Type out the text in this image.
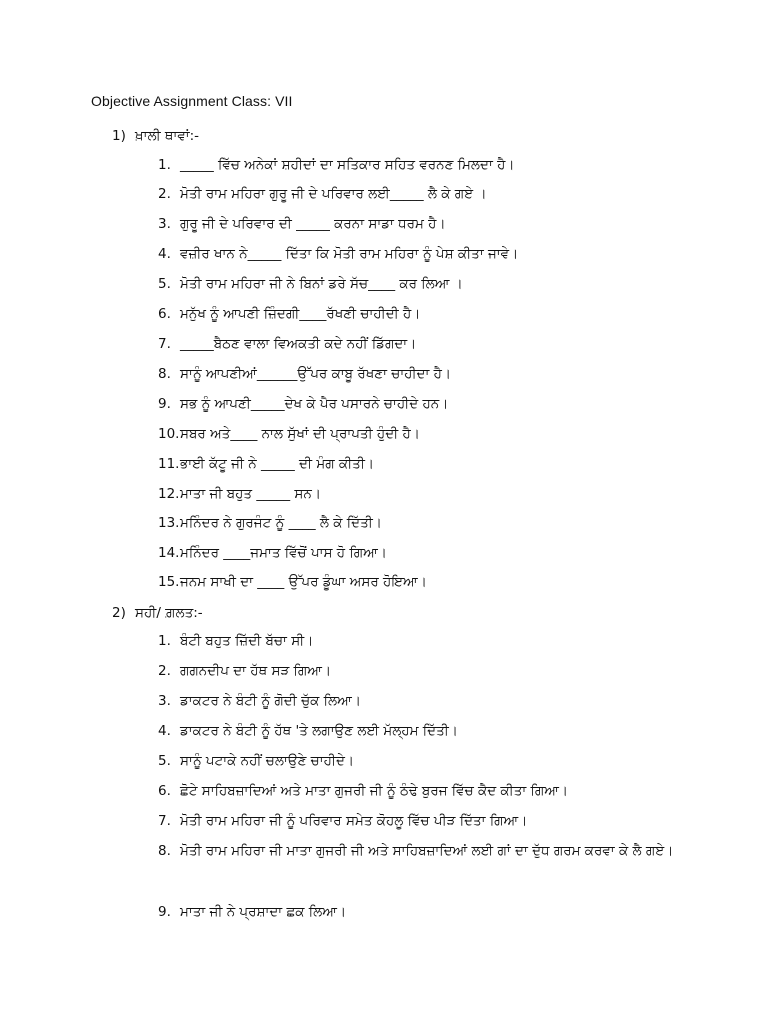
Objective Assignment Class: VII
1) ਖ਼ਾਲੀ ਥਾਵਾਂ:-
1. _____ ਵਿੱਚ ਅਨੇਕਾਂ ਸ਼ਹੀਦਾਂ ਦਾ ਸਤਿਕਾਰ ਸਹਿਤ ਵਰਨਣ ਮਿਲਦਾ ਹੈ।
2. ਮੋਤੀ ਰਾਮ ਮਹਿਰਾ ਗੁਰੂ ਜੀ ਦੇ ਪਰਿਵਾਰ ਲਈ_____ ਲੈ ਕੇ ਗਏ ।
3. ਗੁਰੂ ਜੀ ਦੇ ਪਰਿਵਾਰ ਦੀ _____ ਕਰਨਾ ਸਾਡਾ ਧਰਮ ਹੈ।
4. ਵਜ਼ੀਰ ਖਾਨ ਨੇ_____ ਦਿੱਤਾ ਕਿ ਮੋਤੀ ਰਾਮ ਮਹਿਰਾ ਨੂੰ ਪੇਸ਼ ਕੀਤਾ ਜਾਵੇ।
5. ਮੋਤੀ ਰਾਮ ਮਹਿਰਾ ਜੀ ਨੇ ਬਿਨਾਂ ਡਰੇ ਸੱਚ____ ਕਰ ਲਿਆ ।
6. ਮਨੁੱਖ ਨੂੰ ਆਪਣੀ ਜ਼ਿੰਦਗੀ____ਰੱਖਣੀ ਚਾਹੀਦੀ ਹੈ।
7. _____ਬੈਠਣ ਵਾਲਾ ਵਿਅਕਤੀ ਕਦੇ ਨਹੀਂ ਡਿੱਗਦਾ।
8. ਸਾਨੂੰ ਆਪਣੀਆਂ______ਉੱਪਰ ਕਾਬੂ ਰੱਖਣਾ ਚਾਹੀਦਾ ਹੈ।
9. ਸਭ ਨੂੰ ਆਪਣੀ_____ਦੇਖ ਕੇ ਪੈਰ ਪਸਾਰਨੇ ਚਾਹੀਦੇ ਹਨ।
10.ਸਬਰ ਅਤੇ____ ਨਾਲ ਸੁੱਖਾਂ ਦੀ ਪ੍ਰਾਪਤੀ ਹੁੰਦੀ ਹੈ।
11.ਭਾਈ ਕੱਟੂ ਜੀ ਨੇ _____ ਦੀ ਮੰਗ ਕੀਤੀ।
12.ਮਾਤਾ ਜੀ ਬਹੁਤ _____ ਸਨ।
13.ਮਨਿੰਦਰ ਨੇ ਗੁਰਜੰਟ ਨੂੰ ____ ਲੈ ਕੇ ਦਿੱਤੀ।
14.ਮਨਿੰਦਰ ____ਜਮਾਤ ਵਿੱਚੋਂ ਪਾਸ ਹੋ ਗਿਆ।
15.ਜਨਮ ਸਾਖੀ ਦਾ ____ ਉੱਪਰ ਡੂੰਘਾ ਅਸਰ ਹੋਇਆ।
2) ਸਹੀ/ ਗ਼ਲਤ:-
1. ਬੰਟੀ ਬਹੁਤ ਜ਼ਿੱਦੀ ਬੱਚਾ ਸੀ।
2. ਗਗਨਦੀਪ ਦਾ ਹੱਥ ਸੜ ਗਿਆ।
3. ਡਾਕਟਰ ਨੇ ਬੰਟੀ ਨੂੰ ਗੋਦੀ ਚੁੱਕ ਲਿਆ।
4. ਡਾਕਟਰ ਨੇ ਬੰਟੀ ਨੂੰ ਹੱਥ 'ਤੇ ਲਗਾਉਣ ਲਈ ਮੱਲ੍ਹਮ ਦਿੱਤੀ।
5. ਸਾਨੂੰ ਪਟਾਕੇ ਨਹੀਂ ਚਲਾਉਣੇ ਚਾਹੀਦੇ।
6. ਛੋਟੇ ਸਾਹਿਬਜ਼ਾਦਿਆਂ ਅਤੇ ਮਾਤਾ ਗੁਜਰੀ ਜੀ ਨੂੰ ਠੰਢੇ ਬੁਰਜ ਵਿੱਚ ਕੈਦ ਕੀਤਾ ਗਿਆ।
7. ਮੋਤੀ ਰਾਮ ਮਹਿਰਾ ਜੀ ਨੂੰ ਪਰਿਵਾਰ ਸਮੇਤ ਕੋਹਲੂ ਵਿੱਚ ਪੀੜ ਦਿੱਤਾ ਗਿਆ।
8. ਮੋਤੀ ਰਾਮ ਮਹਿਰਾ ਜੀ ਮਾਤਾ ਗੁਜਰੀ ਜੀ ਅਤੇ ਸਾਹਿਬਜ਼ਾਦਿਆਂ ਲਈ ਗਾਂ ਦਾ ਦੁੱਧ ਗਰਮ ਕਰਵਾ ਕੇ ਲੈ ਗਏ।
9. ਮਾਤਾ ਜੀ ਨੇ ਪ੍ਰਸ਼ਾਦਾ ਛਕ ਲਿਆ।
